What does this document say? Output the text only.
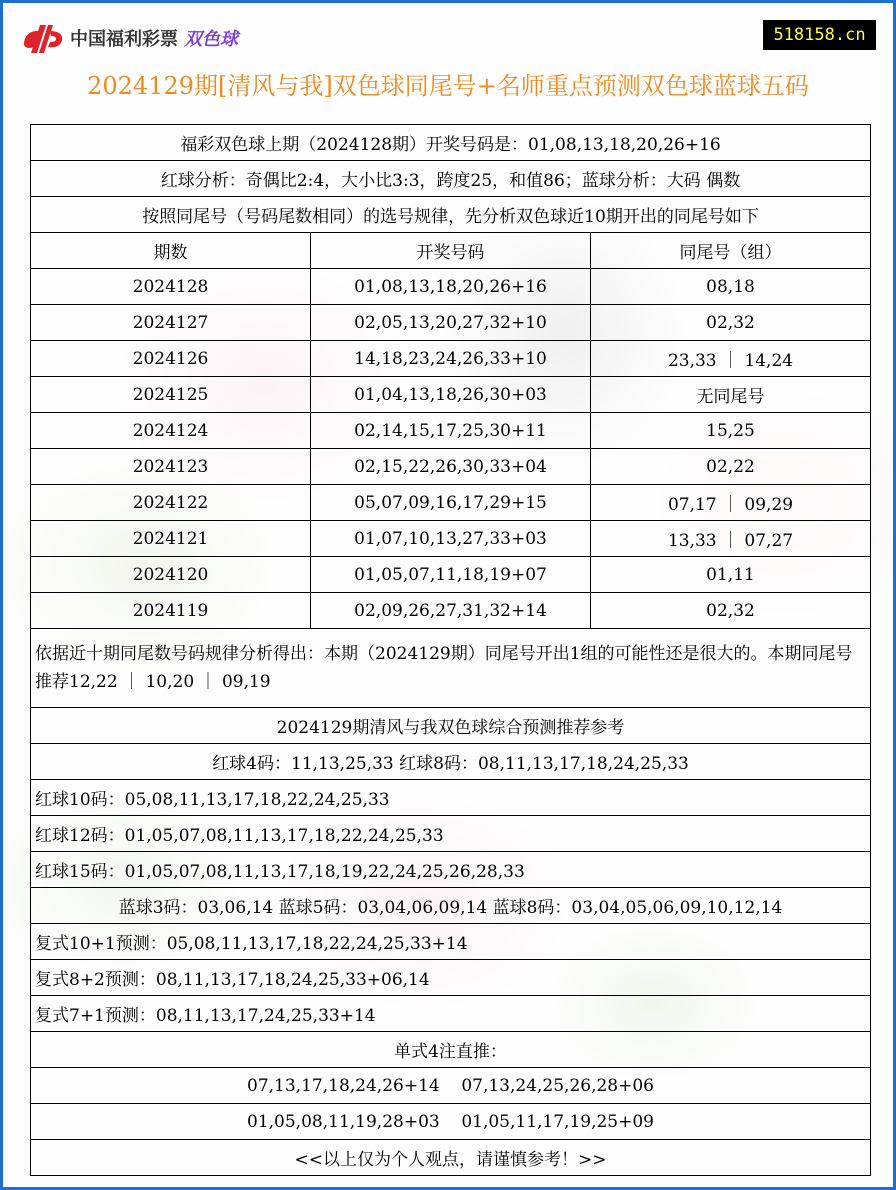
中国福利彩票 双色球	518158.cn
2024129期[清风与我]双色球同尾号+名师重点预测双色球蓝球五码
福彩双色球上期（2024128期）开奖号码是：01,08,13,18,20,26+16		
红球分析：奇偶比2:4，大小比3:3，跨度25，和值86；蓝球分析：大码 偶数		
按照同尾号（号码尾数相同）的选号规律，先分析双色球近10期开出的同尾号如下		
期数	开奖号码	同尾号（组）
2024128	01,08,13,18,20,26+16	08,18
2024127	02,05,13,20,27,32+10	02,32
2024126	14,18,23,24,26,33+10	23,33 ｜ 14,24
2024125	01,04,13,18,26,30+03	无同尾号
2024124	02,14,15,17,25,30+11	15,25
2024123	02,15,22,26,30,33+04	02,22
2024122	05,07,09,16,17,29+15	07,17 ｜ 09,29
2024121	01,07,10,13,27,33+03	13,33 ｜ 07,27
2024120	01,05,07,11,18,19+07	01,11
2024119	02,09,26,27,31,32+14	02,32
依据近十期同尾数号码规律分析得出：本期（2024129期）同尾号开出1组的可能性还是很大的。本期同尾号推荐12,22 ｜ 10,20 ｜ 09,19		
2024129期清风与我双色球综合预测推荐参考		
红球4码：11,13,25,33 红球8码：08,11,13,17,18,24,25,33		
红球10码：05,08,11,13,17,18,22,24,25,33		
红球12码：01,05,07,08,11,13,17,18,22,24,25,33		
红球15码：01,05,07,08,11,13,17,18,19,22,24,25,26,28,33		
蓝球3码：03,06,14 蓝球5码：03,04,06,09,14 蓝球8码：03,04,05,06,09,10,12,14		
复式10+1预测：05,08,11,13,17,18,22,24,25,33+14		
复式8+2预测：08,11,13,17,18,24,25,33+06,14		
复式7+1预测：08,11,13,17,24,25,33+14		
单式4注直推：		
07,13,17,18,24,26+14    07,13,24,25,26,28+06		
01,05,08,11,19,28+03    01,05,11,17,19,25+09		
<<以上仅为个人观点，请谨慎参考！>>		
